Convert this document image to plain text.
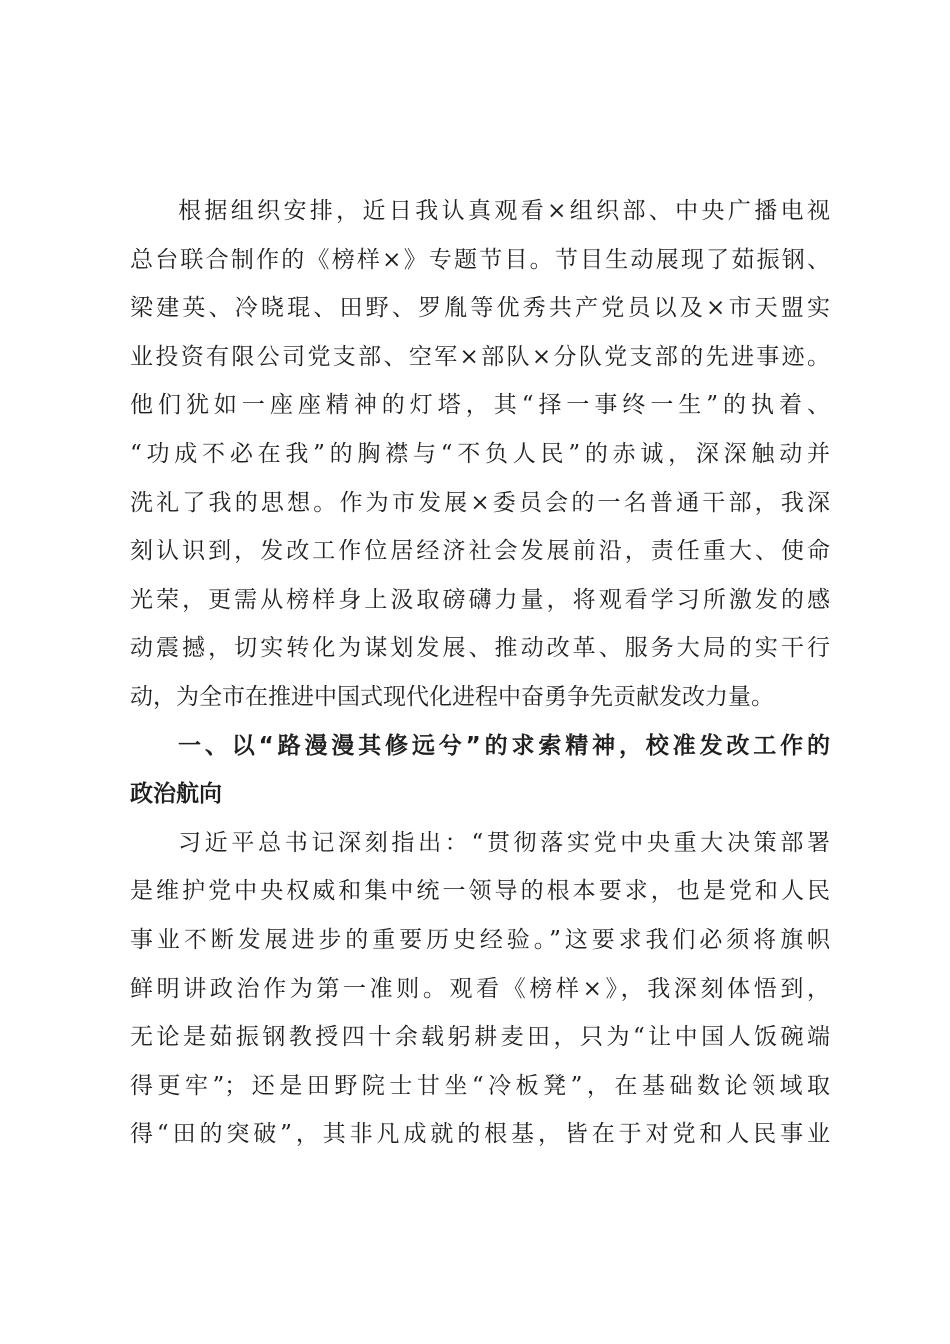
根据组织安排，近日我认真观看×组织部、中央广播电视
总台联合制作的《榜样×》专题节目。节目生动展现了茹振钢、
梁建英、冷晓琨、田野、罗胤等优秀共产党员以及×市天盟实
业投资有限公司党支部、空军×部队×分队党支部的先进事迹。
他们犹如一座座精神的灯塔，其“择一事终一生”的执着、
“功成不必在我”的胸襟与“不负人民”的赤诚，深深触动并
洗礼了我的思想。作为市发展×委员会的一名普通干部，我深
刻认识到，发改工作位居经济社会发展前沿，责任重大、使命
光荣，更需从榜样身上汲取磅礴力量，将观看学习所激发的感
动震撼，切实转化为谋划发展、推动改革、服务大局的实干行
动，为全市在推进中国式现代化进程中奋勇争先贡献发改力量。
一、以“路漫漫其修远兮”的求索精神，校准发改工作的
政治航向
习近平总书记深刻指出：“贯彻落实党中央重大决策部署
是维护党中央权威和集中统一领导的根本要求，也是党和人民
事业不断发展进步的重要历史经验。”这要求我们必须将旗帜
鲜明讲政治作为第一准则。观看《榜样×》，我深刻体悟到，
无论是茹振钢教授四十余载躬耕麦田，只为“让中国人饭碗端
得更牢”；还是田野院士甘坐“冷板凳”，在基础数论领域取
得“田的突破”，其非凡成就的根基，皆在于对党和人民事业
